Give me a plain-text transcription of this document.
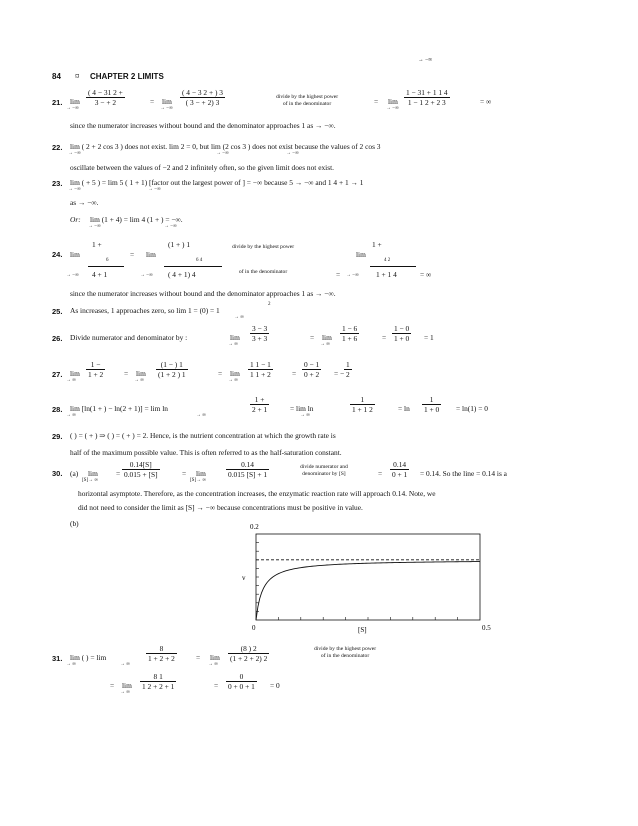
→ −∞
84 ¤ CHAPTER 2 LIMITS
21. lim
→ −∞
$\frac{( 4 - 31 2 +}{3 - + 2}$	= lim
→ −∞
$\frac{( 4 - 3 2 + ) 3}{( 3 - + 2) 3}$	divide by the highest power
of in the denominator	= lim
→ −∞
$\frac{1 - 31 + 1 1 4}{1 - 1 2 + 2 3}$	= ∞
since the numerator increases without bound and the denominator approaches 1 as → −∞.
22. lim ( 2 + 2 cos 3 ) does not exist. lim 2 = 0, but lim (2 cos 3 ) does not exist because the values of 2 cos 3
→ −∞	→ −∞	→ −∞
oscillate between the values of −2 and 2 infinitely often, so the given limit does not exist.
23. lim ( + 5 ) = lim 5 ( 1 + 1) [factor out the largest power of ] = −∞ because 5 → −∞ and 1 4 + 1 → 1
→ −∞	→ −∞
as → −∞.
Or: lim (1 + 4) = lim 4 (1 + ) = −∞.
→ −∞	→ −∞
24. lim
→ −∞
1 +
6
4 + 1
= lim
→ −∞
(1 + ) 1
6 4
( 4 + 1) 4
divide by the highest power
of in the denominator
lim
= → −∞
1 +
4 2
1 + 1 4	= ∞
since the numerator increases without bound and the denominator approaches 1 as → −∞.
25. As increases, 1 approaches zero, so lim 1 = (0) = 1
→ ∞
2
26. Divide numerator and denominator by :	lim
→ ∞
$\frac{3 - 3}{3 + 3}$	= lim
→ ∞
$\frac{1 - 6}{1 + 6}$	= $\frac{1 - 0}{1 + 0} = 1$
27. lim
→ ∞
$\frac{1 -}{1 + 2}$	= lim
→ ∞
$\frac{(1 - ) 1}{(1 + 2 ) 1}$	= lim
→ ∞
$\frac{1 1 - 1}{1 1 + 2}$	= $\frac{0 - 1}{0 + 2}$ = − $\frac{1}{2}$
28. lim [ln(1 + ) − ln(2 + 1)] = lim ln
→ ∞	→ ∞
$\frac{1 +}{2 + 1}$	= lim ln
→ ∞
$\frac{1}{1 + 1 2}$	= $\ln \frac{1}{1 + 0} = \ln(1) = 0$
29. ( ) = ( + ) ⇒ ( ) = ( + ) = 2. Hence, is the nutrient concentration at which the growth rate is
half of the maximum possible value. This is often referred to as the half-saturation constant.
30. (a) lim
[S]→ ∞
= $\frac{0.14[S]}{0.015 + [S]}$	= lim
[S]→ ∞
$\frac{0.14}{0.015 [S] + 1}$	divide numerator and
denominator by [S]	= $\frac{0.14}{0 + 1} = 0.14$. So the line = 0.14 is a
horizontal asymptote. Therefore, as the concentration increases, the enzymatic reaction rate will approach 0.14. Note, we
did not need to consider the limit as [S] → −∞ because concentrations must be positive in value.
(b)	0.2
0	0.5
v
[S]
31. lim ( ) = lim
→ ∞	→ ∞
$\frac{8}{1 + 2 + 2}$	= lim
→ ∞
$\frac{(8 ) 2}{(1 + 2 + 2) 2}$	divide by the highest power
of in the denominator
= lim
→ ∞
$\frac{8 1}{1 2 + 2 + 1}$	= $\frac{0}{0 + 0 + 1} = 0$
